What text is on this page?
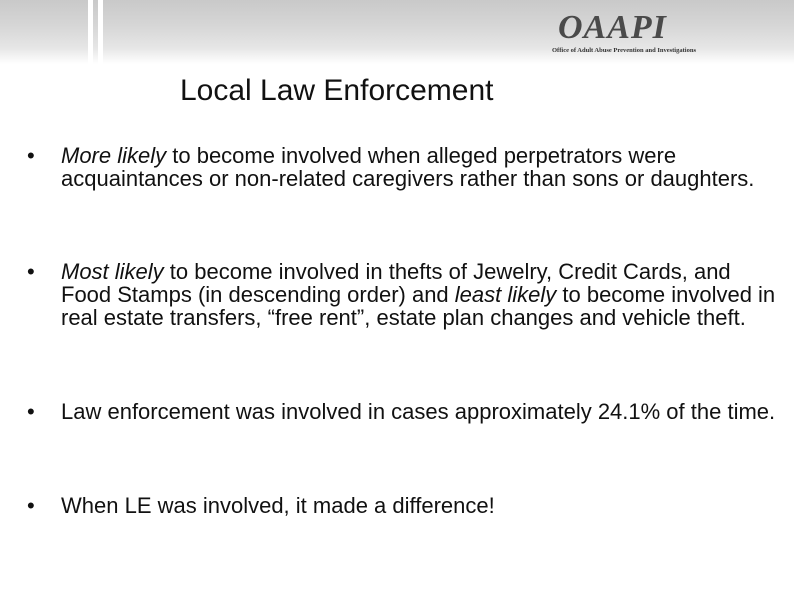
OAAPI
Office of Adult Abuse Prevention and Investigations
Local Law Enforcement
• More likely to become involved when alleged perpetrators were acquaintances or non-related caregivers rather than sons or daughters.

• Most likely to become involved in thefts of Jewelry, Credit Cards, and Food Stamps (in descending order) and least likely to become involved in real estate transfers, “free rent”, estate plan changes and vehicle theft.

• Law enforcement was involved in cases approximately 24.1% of the time.

• When LE was involved, it made a difference!
